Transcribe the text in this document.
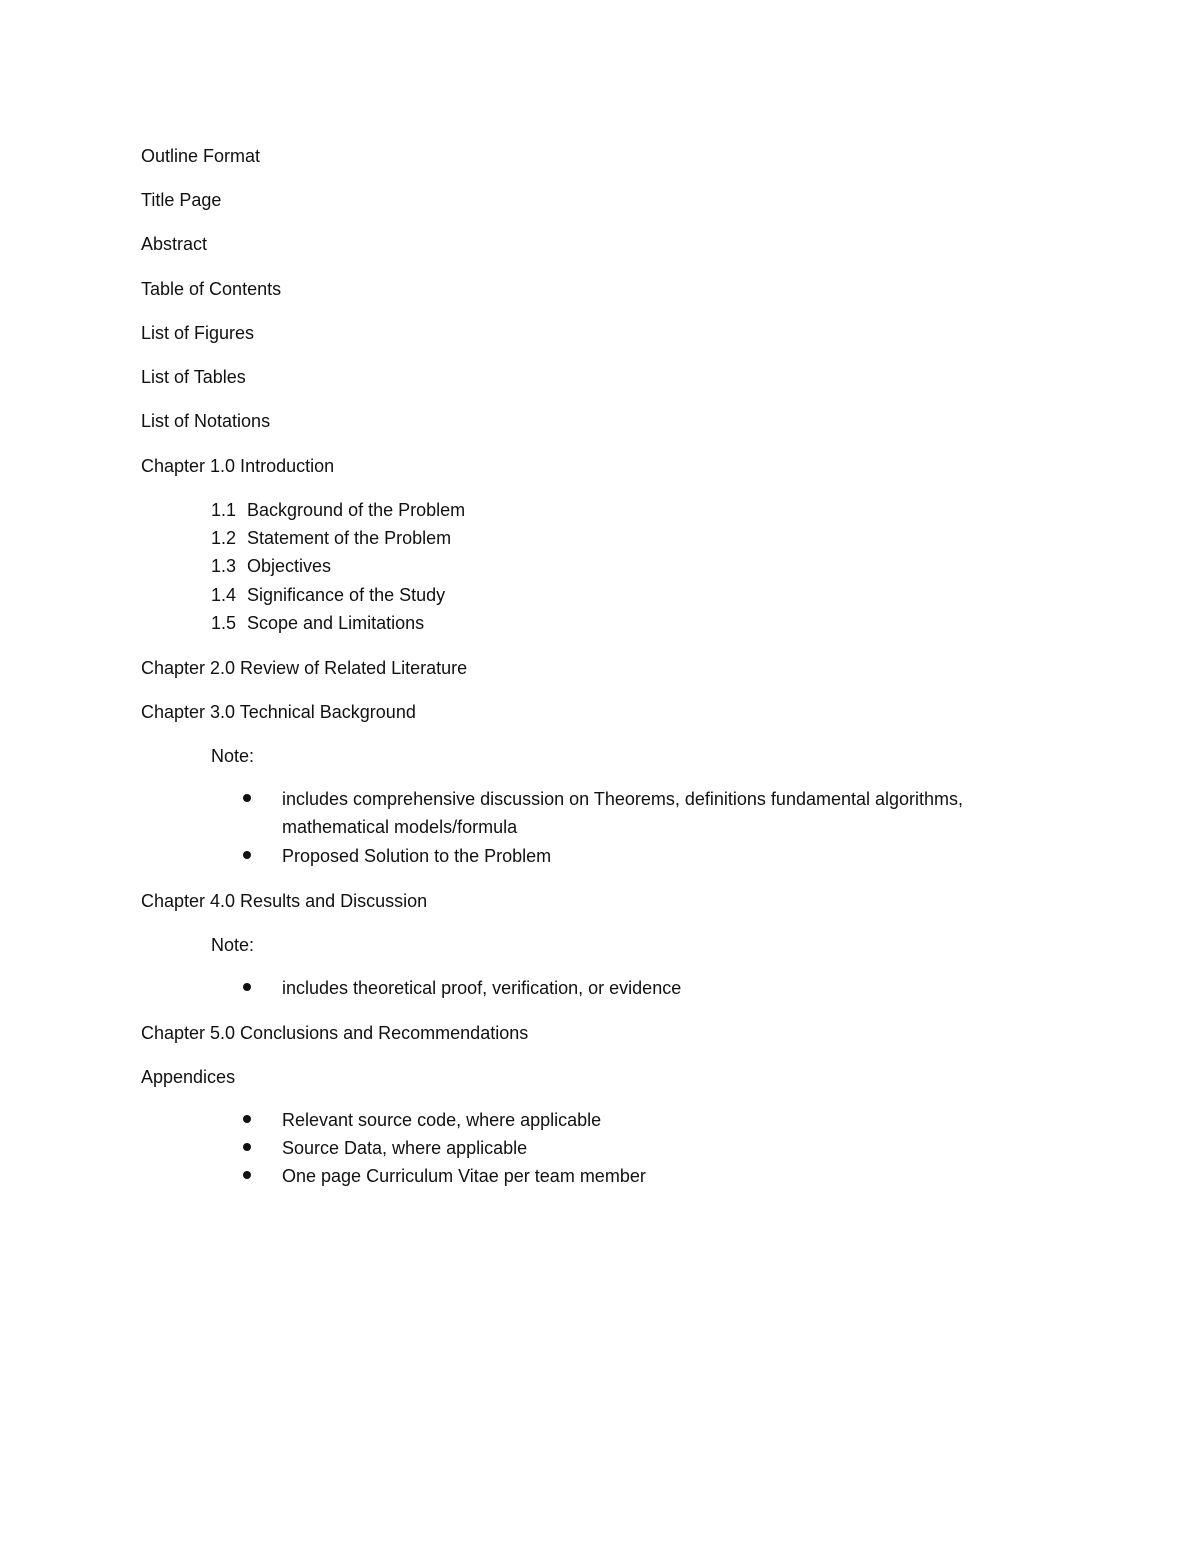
Outline Format
Title Page
Abstract
Table of Contents
List of Figures
List of Tables
List of Notations
Chapter 1.0 Introduction
1.1 Background of the Problem
1.2 Statement of the Problem
1.3 Objectives
1.4 Significance of the Study
1.5 Scope and Limitations
Chapter 2.0 Review of Related Literature
Chapter 3.0 Technical Background
Note:
includes comprehensive discussion on Theorems, definitions fundamental algorithms, mathematical models/formula
Proposed Solution to the Problem
Chapter 4.0 Results and Discussion
Note:
includes theoretical proof, verification, or evidence
Chapter 5.0 Conclusions and Recommendations
Appendices
Relevant source code, where applicable
Source Data, where applicable
One page Curriculum Vitae per team member
